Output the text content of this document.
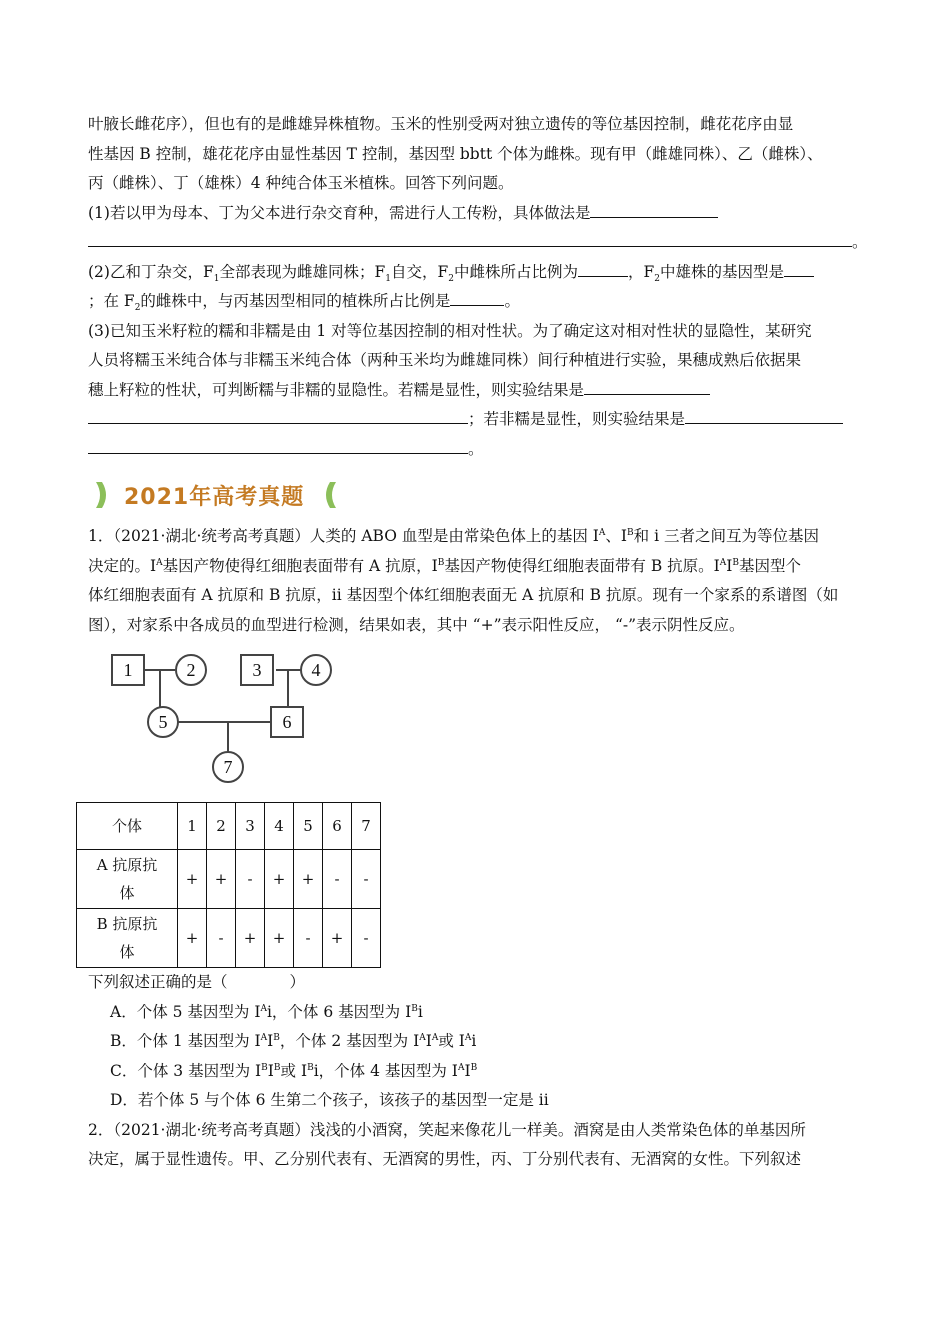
叶腋长雌花序），但也有的是雌雄异株植物。玉米的性别受两对独立遗传的等位基因控制，雌花花序由显

性基因 B 控制，雄花花序由显性基因 T 控制，基因型 bbtt 个体为雌株。现有甲（雌雄同株）、乙（雌株）、

丙（雌株）、丁（雄株）4 种纯合体玉米植株。回答下列问题。

(1)若以甲为母本、丁为父本进行杂交育种，需进行人工传粉，具体做法是

。

(2)乙和丁杂交，$F_1$全部表现为雌雄同株；$F_1$自交，$F_2$中雌株所占比例为	，$F_2$中雄株的基因型是

；在 $F_2$的雌株中，与丙基因型相同的植株所占比例是	。

(3)已知玉米籽粒的糯和非糯是由 1 对等位基因控制的相对性状。为了确定这对相对性状的显隐性，某研究

人员将糯玉米纯合体与非糯玉米纯合体（两种玉米均为雌雄同株）间行种植进行实验，果穗成熟后依据果

穗上籽粒的性状，可判断糯与非糯的显隐性。若糯是显性，则实验结果是

；若非糯是显性，则实验结果是

。

2021年高考真题

1．（2021·湖北·统考高考真题）人类的 ABO 血型是由常染色体上的基因 $I^A$、$I^B$和 i 三者之间互为等位基因

决定的。$I^A$基因产物使得红细胞表面带有 A 抗原，$I^B$基因产物使得红细胞表面带有 B 抗原。$I^AI^B$基因型个

体红细胞表面有 A 抗原和 B 抗原，ii 基因型个体红细胞表面无 A 抗原和 B 抗原。现有一个家系的系谱图（如

图），对家系中各成员的血型进行检测，结果如表，其中 “+”表示阳性反应， “-”表示阴性反应。

1	2	3	4
5	6
7
个体	1	2	3	4	5	6	7
A 抗原抗
体	+	+	-	+	+	-	-
B 抗原抗
体	+	-	+	+	-	+	-

下列叙述正确的是（　　　　）

A．个体 5 基因型为 $I^Ai$，个体 6 基因型为 $I^Bi$

B．个体 1 基因型为 $I^AI^B$，个体 2 基因型为 $I^AI^A$或 $I^Ai$

C．个体 3 基因型为 $I^BI^B$或 $I^Bi$，个体 4 基因型为 $I^AI^B$

D．若个体 5 与个体 6 生第二个孩子，该孩子的基因型一定是 ii

2．（2021·湖北·统考高考真题）浅浅的小酒窝，笑起来像花儿一样美。酒窝是由人类常染色体的单基因所

决定，属于显性遗传。甲、乙分别代表有、无酒窝的男性，丙、丁分别代表有、无酒窝的女性。下列叙述
